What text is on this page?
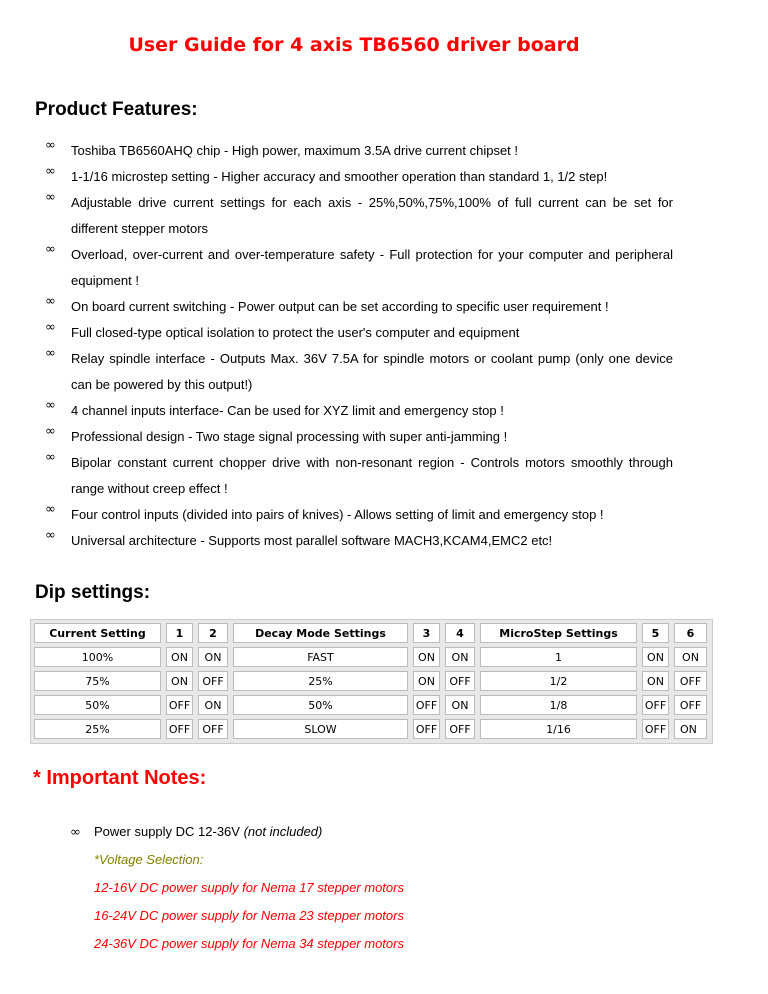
User Guide for 4 axis TB6560 driver board
Product Features:
∞ Toshiba TB6560AHQ chip - High power, maximum 3.5A drive current chipset !
∞ 1-1/16 microstep setting - Higher accuracy and smoother operation than standard 1, 1/2 step!
∞ Adjustable drive current settings for each axis - 25%,50%,75%,100% of full current can be set for different stepper motors
∞ Overload, over-current and over-temperature safety - Full protection for your computer and peripheral equipment !
∞ On board current switching - Power output can be set according to specific user requirement !
∞ Full closed-type optical isolation to protect the user's computer and equipment
∞ Relay spindle interface - Outputs Max. 36V 7.5A for spindle motors or coolant pump (only one device can be powered by this output!)
∞ 4 channel inputs interface- Can be used for XYZ limit and emergency stop !
∞ Professional design - Two stage signal processing with super anti-jamming !
∞ Bipolar constant current chopper drive with non-resonant region - Controls motors smoothly through range without creep effect !
∞ Four control inputs (divided into pairs of knives) - Allows setting of limit and emergency stop !
∞ Universal architecture - Supports most parallel software MACH3,KCAM4,EMC2 etc!
Dip settings:
Current Setting	1	2	Decay Mode Settings	3	4	MicroStep Settings	5	6
100%	ON	ON	FAST	ON	ON	1	ON	ON
75%	ON	OFF	25%	ON	OFF	1/2	ON	OFF
50%	OFF	ON	50%	OFF	ON	1/8	OFF	OFF
25%	OFF	OFF	SLOW	OFF	OFF	1/16	OFF	ON
* Important Notes:
∞ Power supply DC 12-36V (not included)
*Voltage Selection:
12-16V DC power supply for Nema 17 stepper motors
16-24V DC power supply for Nema 23 stepper motors
24-36V DC power supply for Nema 34 stepper motors
